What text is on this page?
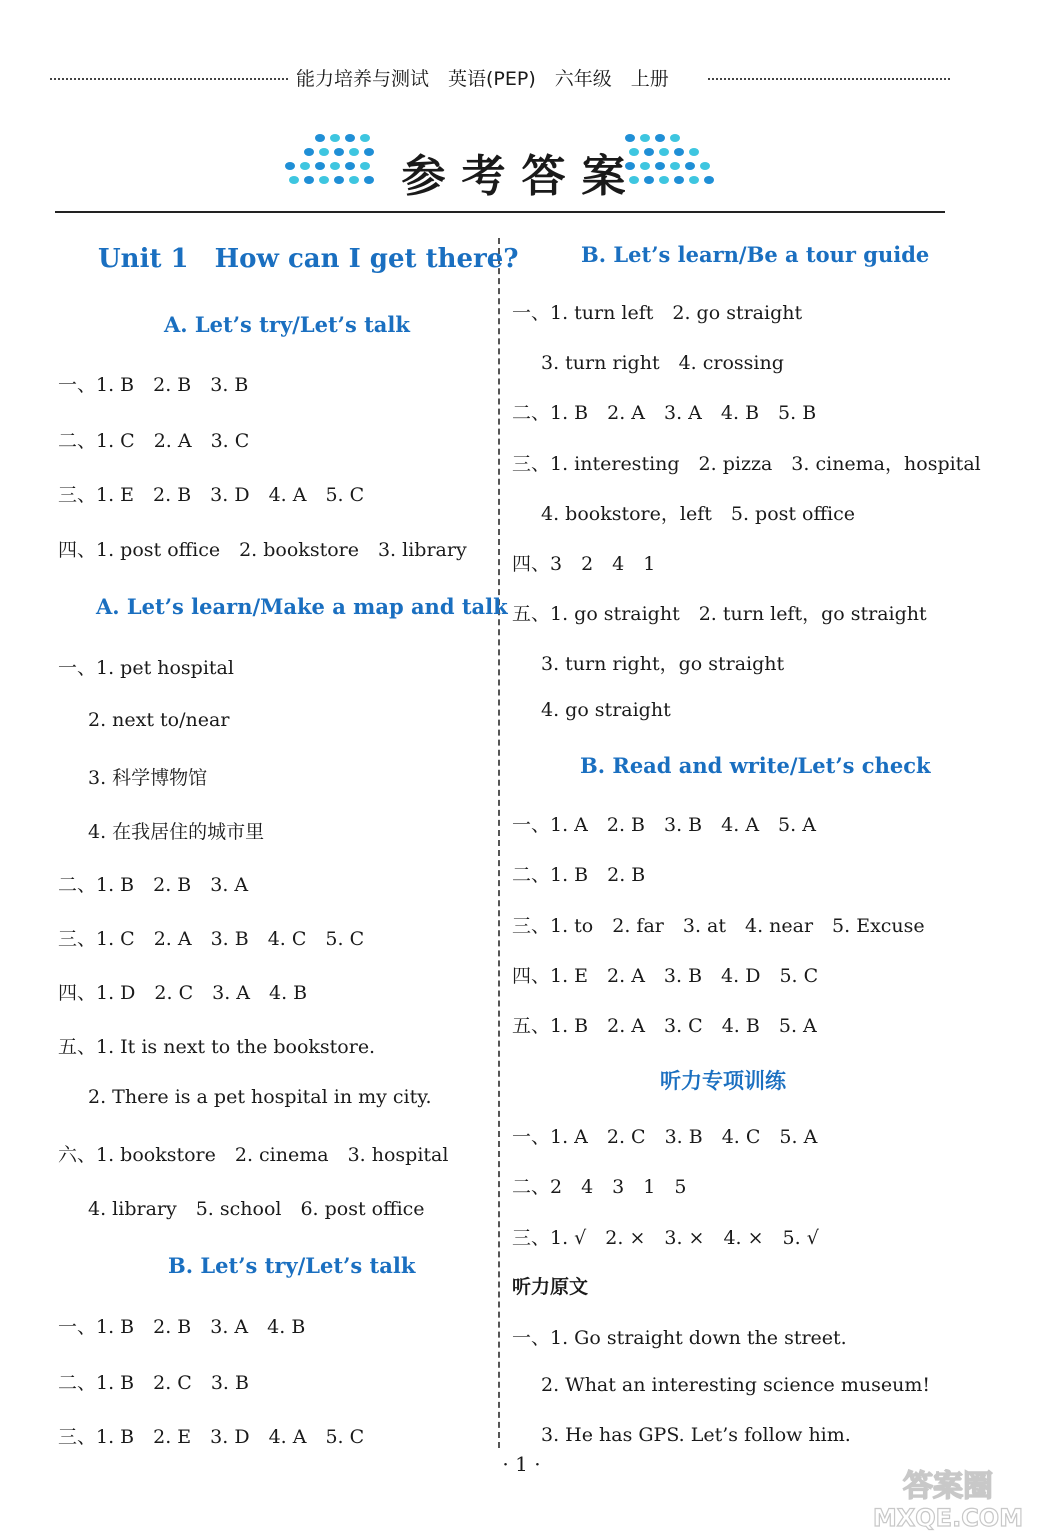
能力培养与测试　英语(PEP)　六年级　上册
参考答案
Unit 1　How can I get there?
A. Let’s try/Let’s talk
一、1. B　2. B　3. B
二、1. C　2. A　3. C
三、1. E　2. B　3. D　4. A　5. C
四、1. post office　2. bookstore　3. library
A. Let’s learn/Make a map and talk
一、1. pet hospital
2. next to/near
3. 科学博物馆
4. 在我居住的城市里
二、1. B　2. B　3. A
三、1. C　2. A　3. B　4. C　5. C
四、1. D　2. C　3. A　4. B
五、1. It is next to the bookstore.
2. There is a pet hospital in my city.
六、1. bookstore　2. cinema　3. hospital
4. library　5. school　6. post office
B. Let’s try/Let’s talk
一、1. B　2. B　3. A　4. B
二、1. B　2. C　3. B
三、1. B　2. E　3. D　4. A　5. C
B. Let’s learn/Be a tour guide
一、1. turn left　2. go straight
3. turn right　4. crossing
二、1. B　2. A　3. A　4. B　5. B
三、1. interesting　2. pizza　3. cinema，hospital
4. bookstore，left　5. post office
四、3　2　4　1
五、1. go straight　2. turn left，go straight
3. turn right，go straight
4. go straight
B. Read and write/Let’s check
一、1. A　2. B　3. B　4. A　5. A
二、1. B　2. B
三、1. to　2. far　3. at　4. near　5. Excuse
四、1. E　2. A　3. B　4. D　5. C
五、1. B　2. A　3. C　4. B　5. A
听力专项训练
一、1. A　2. C　3. B　4. C　5. A
二、2　4　3　1　5
三、1. √　2. ×　3. ×　4. ×　5. √
听力原文
一、1. Go straight down the street.
2. What an interesting science museum!
3. He has GPS. Let’s follow him.
· 1 ·
答案圈
MXQE.COM
